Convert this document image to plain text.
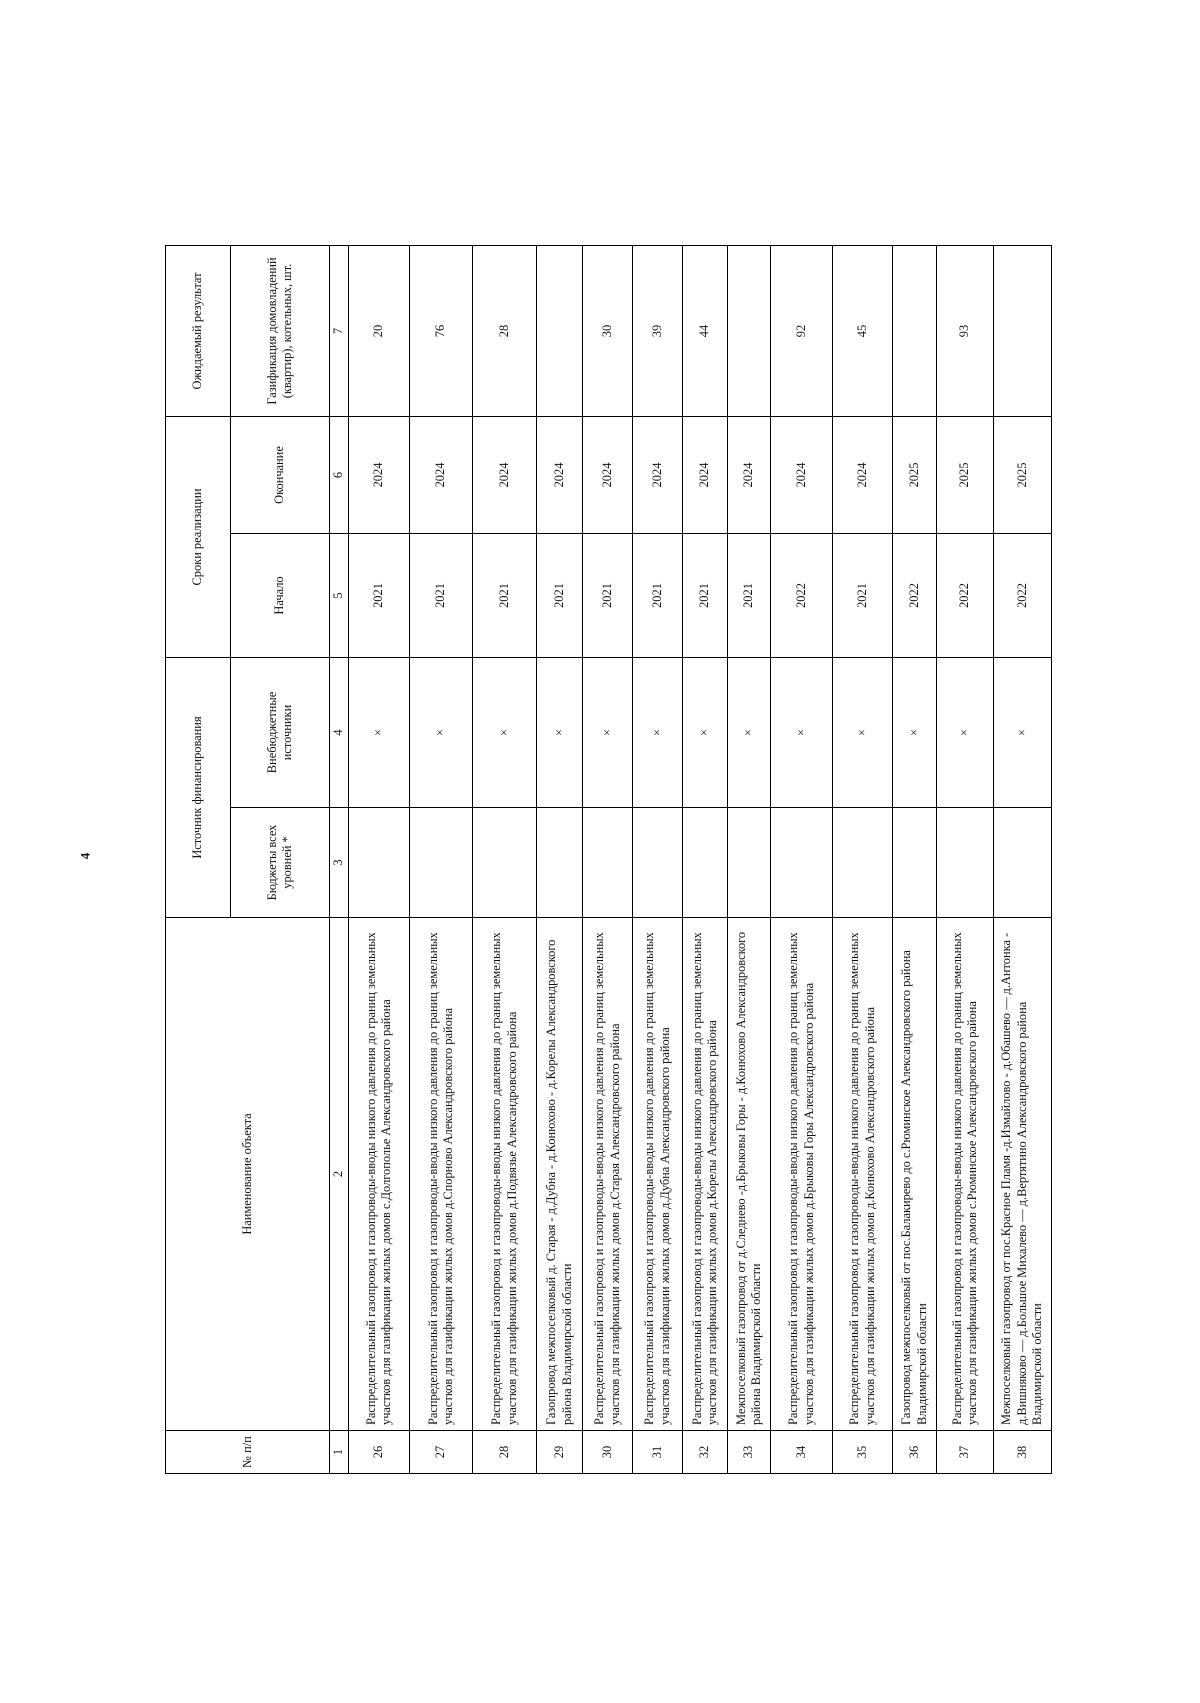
4
№ п/п	Наименование объекта	Источник финансирования		Сроки реализации		Ожидаемый результат
		Бюджеты всех уровней *	Внебюджетные источники	Начало	Окончание	Газификация домовладений (квартир), котельных, шт.
1	2	3	4	5	6	7
26	Распределительный газопровод и газопроводы-вводы низкого давления до границ земельных участков для газификации жилых домов с.Долгополье Александровского района		×	2021	2024	20
27	Распределительный газопровод и газопроводы-вводы низкого давления до границ земельных участков для газификации жилых домов д.Спорново Александровского района		×	2021	2024	76
28	Распределительный газопровод и газопроводы-вводы низкого давления до границ земельных участков для газификации жилых домов д.Подвязье Александровского района		×	2021	2024	28
29	Газопровод межпоселковый д. Старая - д.Дубна - д.Конюхово - д.Корелы Александровского района Владимирской области		×	2021	2024	
30	Распределительный газопровод и газопроводы-вводы низкого давления до границ земельных участков для газификации жилых домов д.Старая Александровского района		×	2021	2024	30
31	Распределительный газопровод и газопроводы-вводы низкого давления до границ земельных участков для газификации жилых домов д.Дубна Александровского района		×	2021	2024	39
32	Распределительный газопровод и газопроводы-вводы низкого давления до границ земельных участков для газификации жилых домов д.Корелы Александровского района		×	2021	2024	44
33	Межпоселковый газопровод от д.Следнево -д.Брыковы Горы - д.Конюхово Александровского района Владимирской области		×	2021	2024	
34	Распределительный газопровод и газопроводы-вводы низкого давления до границ земельных участков для газификации жилых домов д.Брыковы Горы Александровского района		×	2022	2024	92
35	Распределительный газопровод и газопроводы-вводы низкого давления до границ земельных участков для газификации жилых домов д.Конюхово Александровского района		×	2021	2024	45
36	Газопровод межпоселковый от пос.Балакирево до с.Рюминское Александровского района Владимирской области		×	2022	2025	
37	Распределительный газопровод и газопроводы-вводы низкого давления до границ земельных участков для газификации жилых домов с.Рюминское Александровского района		×	2022	2025	93
38	Межпоселковый газопровод от пос.Красное Пламя -д.Измайлово - д.Обашево — д.Антонка - д.Вишняково — д.Большое Михалево — д.Вертятино Александровского района Владимирской области		×	2022	2025	
